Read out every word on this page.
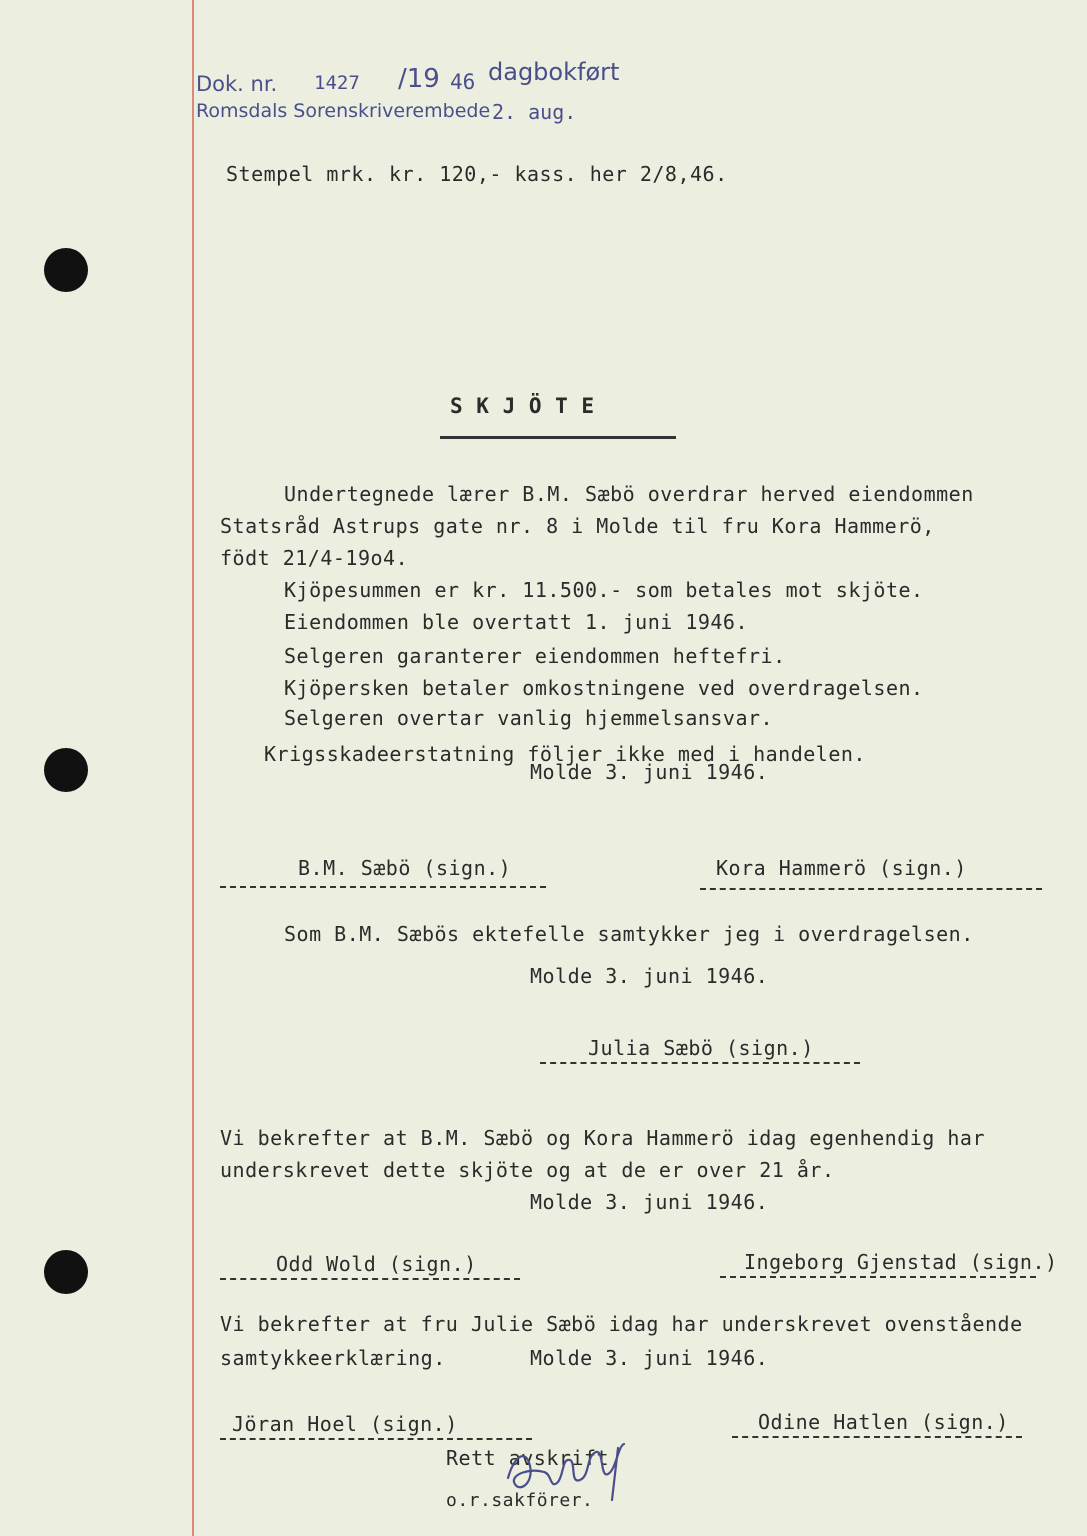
Dok. nr. 1427 /19 46 dagbokført
Romsdals Sorenskriverembede 2. aug.
Stempel mrk. kr. 120,- kass. her 2/8,46.
S K J Ö T E
Undertegnede lærer B.M. Sæbö overdrar herved eiendommen
Statsråd Astrups gate nr. 8 i Molde til fru Kora Hammerö,
födt 21/4-19o4.
Kjöpesummen er kr. 11.500.- som betales mot skjöte.
Eiendommen ble overtatt 1. juni 1946.
Selgeren garanterer eiendommen heftefri.
Kjöpersken betaler omkostningene ved overdragelsen.
Selgeren overtar vanlig hjemmelsansvar.
Krigsskadeerstatning följer ikke med i handelen.
Molde 3. juni 1946.
B.M. Sæbö (sign.)	Kora Hammerö (sign.)
Som B.M. Sæbös ektefelle samtykker jeg i overdragelsen.
Molde 3. juni 1946.
Julia Sæbö (sign.)
Vi bekrefter at B.M. Sæbö og Kora Hammerö idag egenhendig har
underskrevet dette skjöte og at de er over 21 år.
Molde 3. juni 1946.
Odd Wold (sign.)	Ingeborg Gjenstad (sign.)
Vi bekrefter at fru Julie Sæbö idag har underskrevet ovenstående
samtykkeerklæring.	Molde 3. juni 1946.
Jöran Hoel (sign.)	Odine Hatlen (sign.)
Rett avskrift
o.r.sakförer.
